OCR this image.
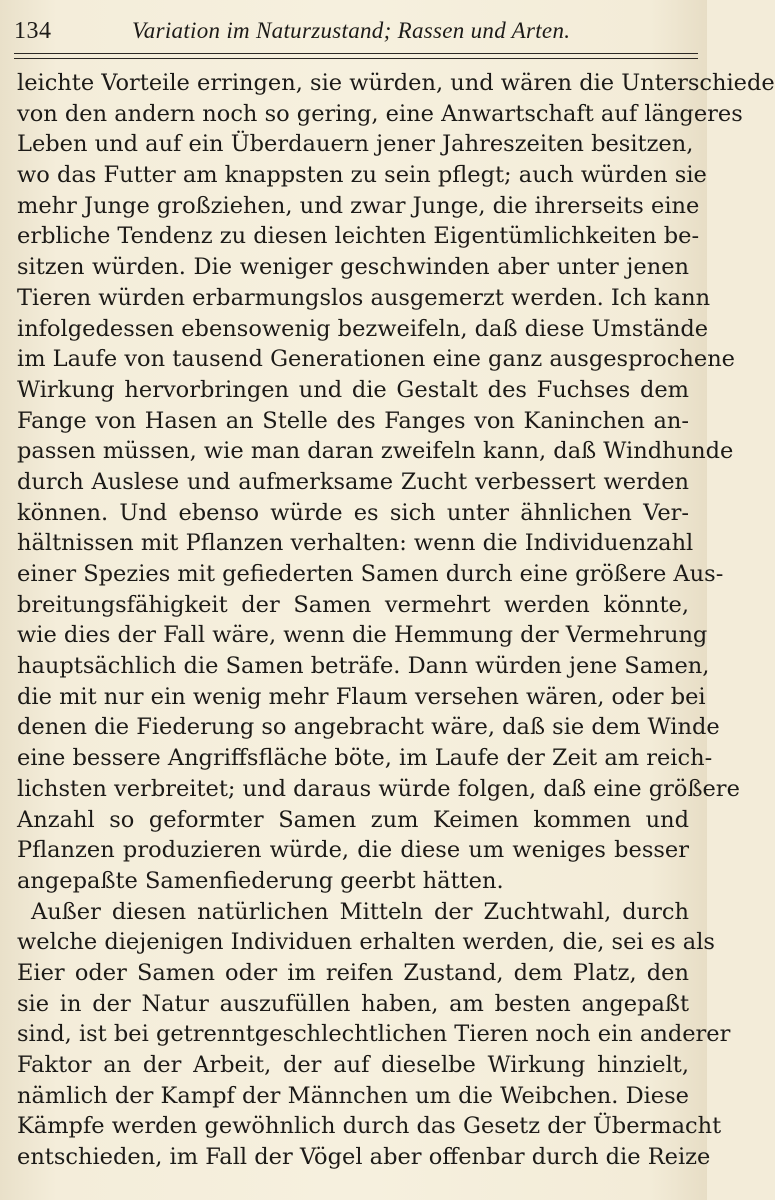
134	Variation im Naturzustand; Rassen und Arten.
leichte Vorteile erringen, sie würden, und wären die Unterschiede
von den andern noch so gering, eine Anwartschaft auf längeres
Leben und auf ein Überdauern jener Jahreszeiten besitzen,
wo das Futter am knappsten zu sein pflegt; auch würden sie
mehr Junge großziehen, und zwar Junge, die ihrerseits eine
erbliche Tendenz zu diesen leichten Eigentümlichkeiten be-
sitzen würden. Die weniger geschwinden aber unter jenen
Tieren würden erbarmungslos ausgemerzt werden. Ich kann
infolgedessen ebensowenig bezweifeln, daß diese Umstände
im Laufe von tausend Generationen eine ganz ausgesprochene
Wirkung hervorbringen und die Gestalt des Fuchses dem
Fange von Hasen an Stelle des Fanges von Kaninchen an-
passen müssen, wie man daran zweifeln kann, daß Windhunde
durch Auslese und aufmerksame Zucht verbessert werden
können. Und ebenso würde es sich unter ähnlichen Ver-
hältnissen mit Pflanzen verhalten: wenn die Individuenzahl
einer Spezies mit gefiederten Samen durch eine größere Aus-
breitungsfähigkeit der Samen vermehrt werden könnte,
wie dies der Fall wäre, wenn die Hemmung der Vermehrung
hauptsächlich die Samen beträfe. Dann würden jene Samen,
die mit nur ein wenig mehr Flaum versehen wären, oder bei
denen die Fiederung so angebracht wäre, daß sie dem Winde
eine bessere Angriffsfläche böte, im Laufe der Zeit am reich-
lichsten verbreitet; und daraus würde folgen, daß eine größere
Anzahl so geformter Samen zum Keimen kommen und
Pflanzen produzieren würde, die diese um weniges besser
angepaßte Samenfiederung geerbt hätten.
Außer diesen natürlichen Mitteln der Zuchtwahl, durch
welche diejenigen Individuen erhalten werden, die, sei es als
Eier oder Samen oder im reifen Zustand, dem Platz, den
sie in der Natur auszufüllen haben, am besten angepaßt
sind, ist bei getrenntgeschlechtlichen Tieren noch ein anderer
Faktor an der Arbeit, der auf dieselbe Wirkung hinzielt,
nämlich der Kampf der Männchen um die Weibchen. Diese
Kämpfe werden gewöhnlich durch das Gesetz der Übermacht
entschieden, im Fall der Vögel aber offenbar durch die Reize
